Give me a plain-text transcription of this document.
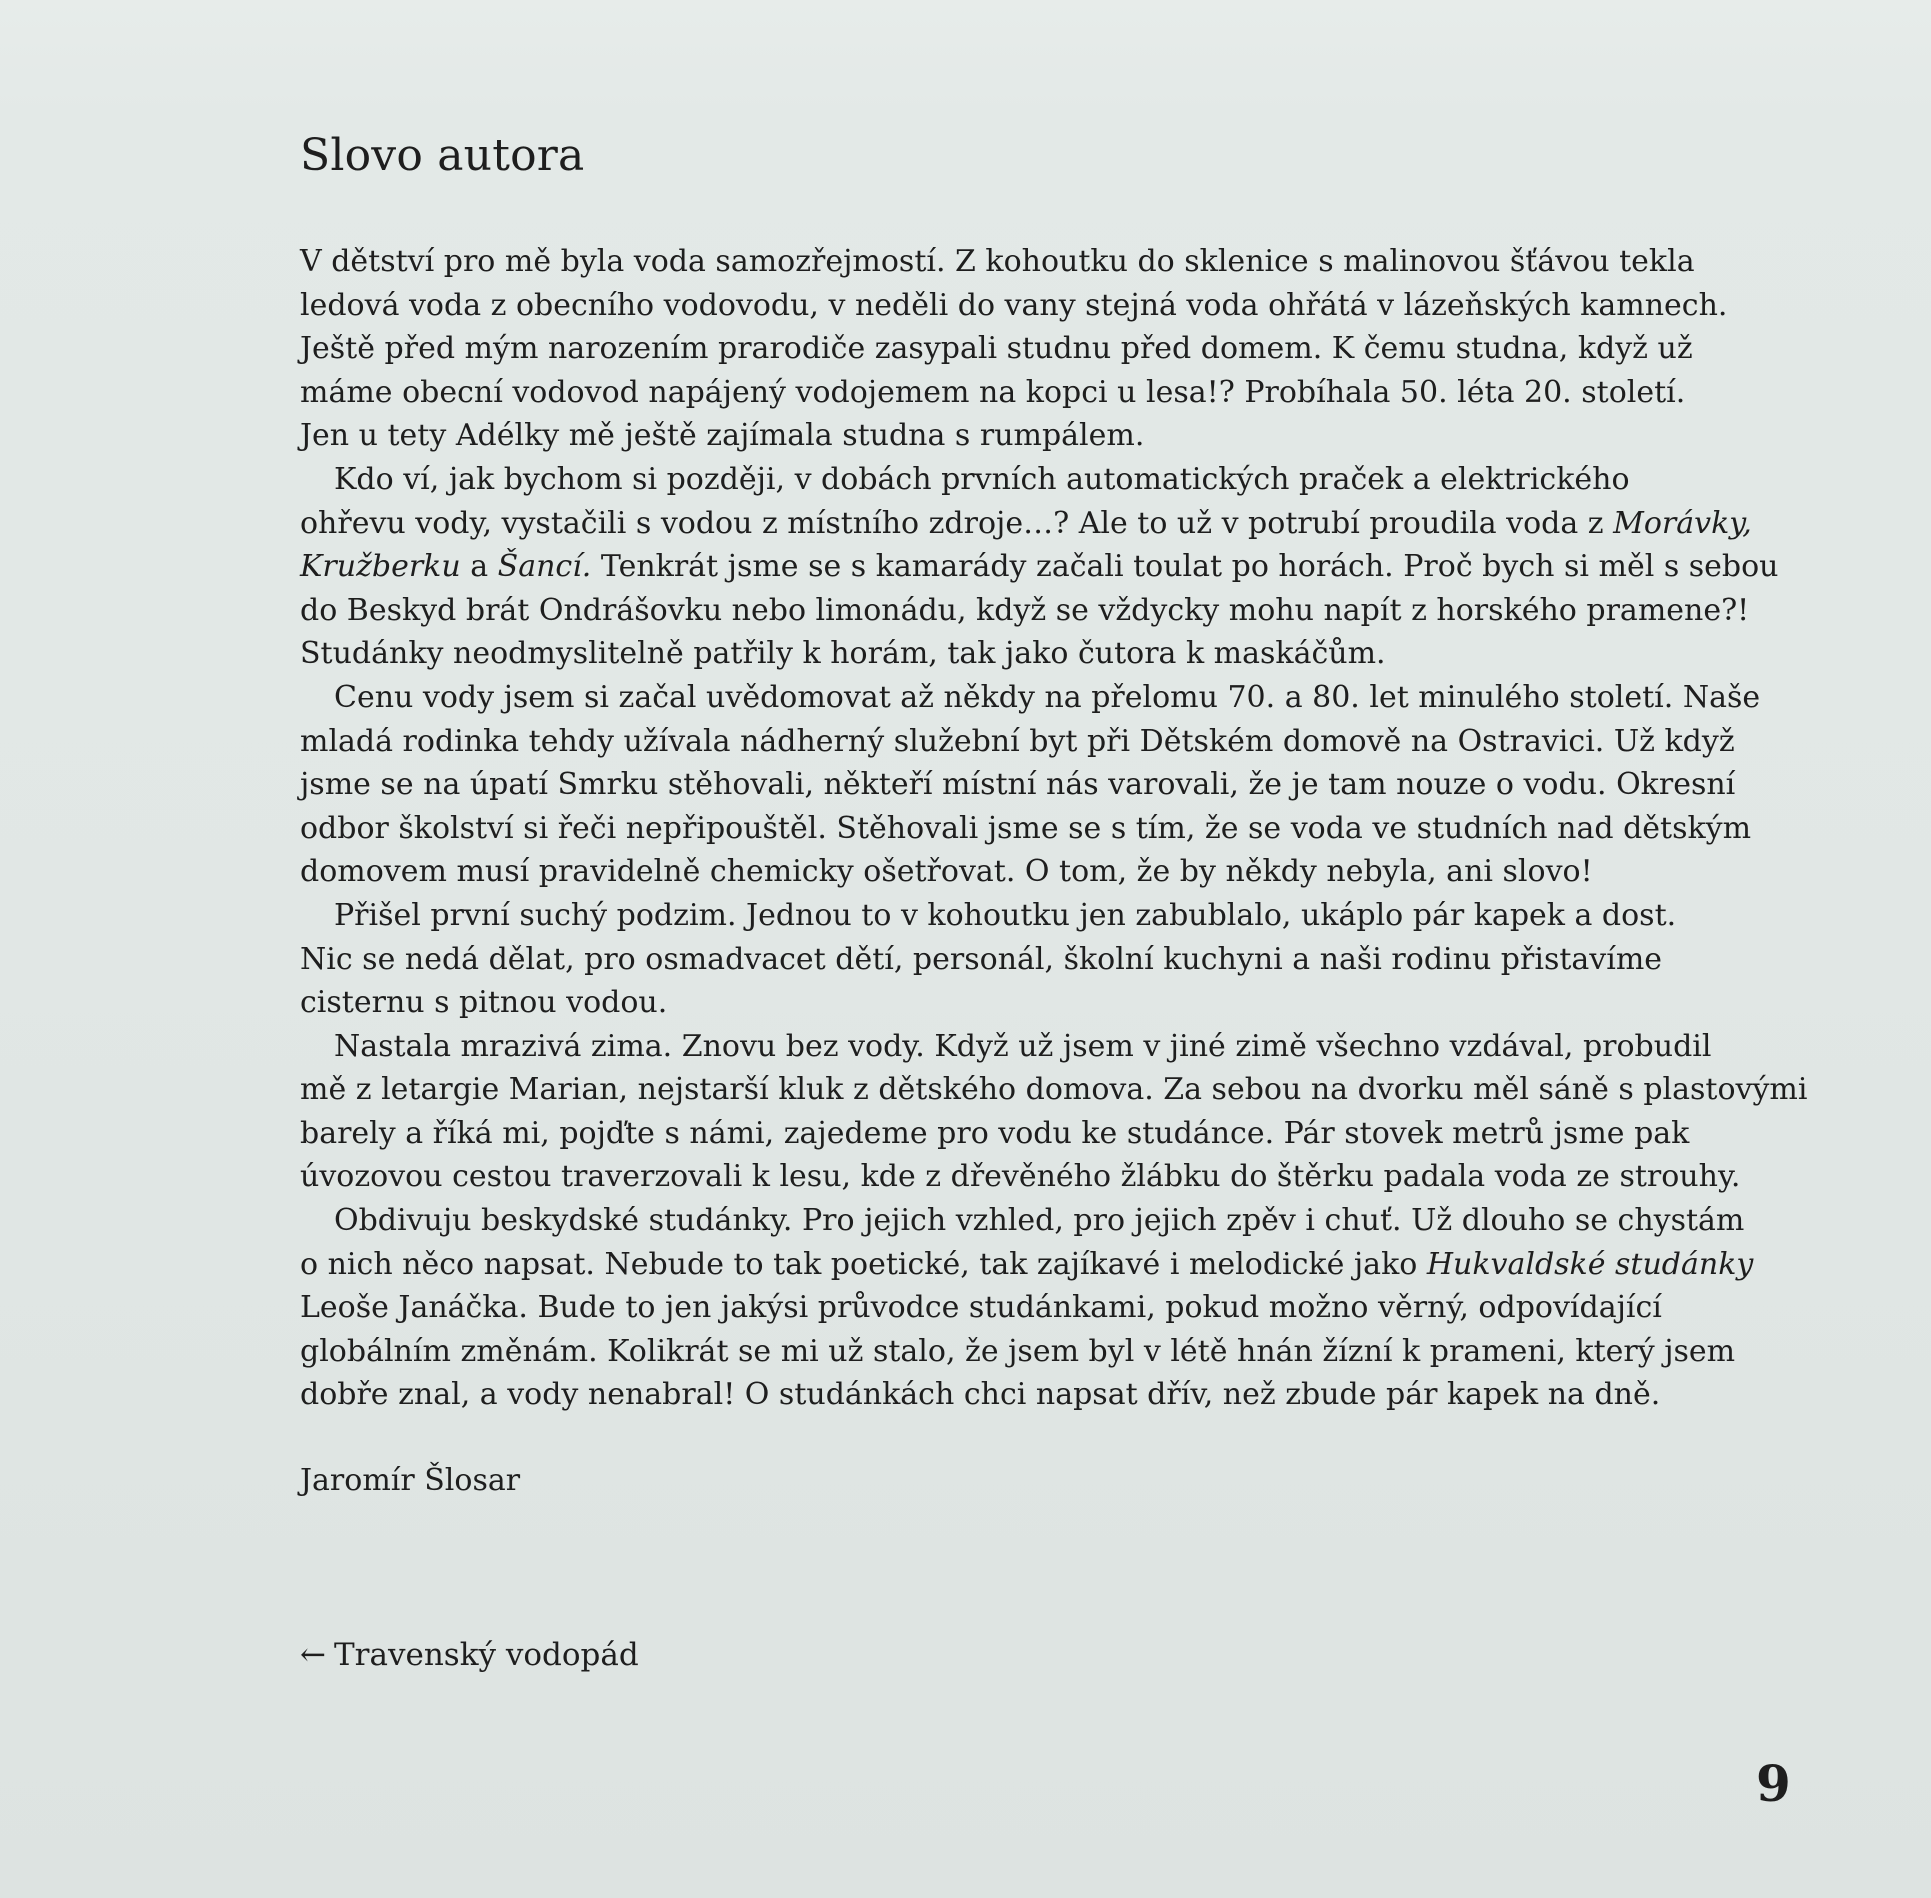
Slovo autora

V dětství pro mě byla voda samozřejmostí. Z kohoutku do sklenice s malinovou šťávou tekla
ledová voda z obecního vodovodu, v neděli do vany stejná voda ohřátá v lázeňských kamnech.
Ještě před mým narozením prarodiče zasypali studnu před domem. K čemu studna, když už
máme obecní vodovod napájený vodojemem na kopci u lesa!? Probíhala 50. léta 20. století.
Jen u tety Adélky mě ještě zajímala studna s rumpálem.

Kdo ví, jak bychom si později, v dobách prvních automatických praček a elektrického
ohřevu vody, vystačili s vodou z místního zdroje…? Ale to už v potrubí proudila voda z Morávky,
Kružberku a Šancí. Tenkrát jsme se s kamarády začali toulat po horách. Proč bych si měl s sebou
do Beskyd brát Ondrášovku nebo limonádu, když se vždycky mohu napít z horského pramene?!
Studánky neodmyslitelně patřily k horám, tak jako čutora k maskáčům.

Cenu vody jsem si začal uvědomovat až někdy na přelomu 70. a 80. let minulého století. Naše
mladá rodinka tehdy užívala nádherný služební byt při Dětském domově na Ostravici. Už když
jsme se na úpatí Smrku stěhovali, někteří místní nás varovali, že je tam nouze o vodu. Okresní
odbor školství si řeči nepřipouštěl. Stěhovali jsme se s tím, že se voda ve studních nad dětským
domovem musí pravidelně chemicky ošetřovat. O tom, že by někdy nebyla, ani slovo!

Přišel první suchý podzim. Jednou to v kohoutku jen zabublalo, ukáplo pár kapek a dost.
Nic se nedá dělat, pro osmadvacet dětí, personál, školní kuchyni a naši rodinu přistavíme
cisternu s pitnou vodou.

Nastala mrazivá zima. Znovu bez vody. Když už jsem v jiné zimě všechno vzdával, probudil
mě z letargie Marian, nejstarší kluk z dětského domova. Za sebou na dvorku měl sáně s plastovými
barely a říká mi, pojďte s námi, zajedeme pro vodu ke studánce. Pár stovek metrů jsme pak
úvozovou cestou traverzovali k lesu, kde z dřevěného žlábku do štěrku padala voda ze strouhy.

Obdivuju beskydské studánky. Pro jejich vzhled, pro jejich zpěv i chuť. Už dlouho se chystám
o nich něco napsat. Nebude to tak poetické, tak zajíkavé i melodické jako Hukvaldské studánky
Leoše Janáčka. Bude to jen jakýsi průvodce studánkami, pokud možno věrný, odpovídající
globálním změnám. Kolikrát se mi už stalo, že jsem byl v létě hnán žízní k prameni, který jsem
dobře znal, a vody nenabral! O studánkách chci napsat dřív, než zbude pár kapek na dně.

Jaromír Šlosar
← Travenský vodopád
9
